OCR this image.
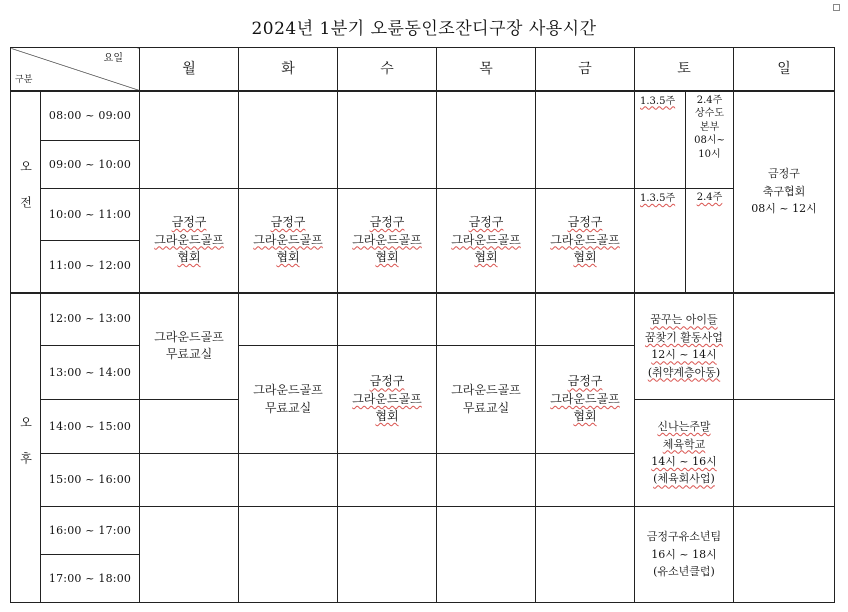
2024년 1분기 오륜동인조잔디구장 사용시간
요일
구분		월	화	수	목	금	토		일
오 전	08:00 ~ 09:00						1.3.5주	2.4주
상수도
본부
08시~
10시	금정구
축구협회
08시 ~ 12시
	09:00 ~ 10:00								
	10:00 ~ 11:00	금정구
그라운드골프
협회	금정구
그라운드골프
협회	금정구
그라운드골프
협회	금정구
그라운드골프
협회	금정구
그라운드골프
협회	1.3.5주	2.4주	
	11:00 ~ 12:00								
오 후	12:00 ~ 13:00	그라운드골프
무료교실					꿈꾸는 아이들
꿈찾기 활동사업
12시 ~ 14시
(취약계층아동)		
	13:00 ~ 14:00		그라운드골프
무료교실	금정구
그라운드골프
협회	그라운드골프
무료교실	금정구
그라운드골프
협회			
	14:00 ~ 15:00						신나는주말
체육학교
14시 ~ 16시
(체육회사업)		
	15:00 ~ 16:00								
	16:00 ~ 17:00						금정구유소년팀
16시 ~ 18시
(유소년클럽)		
	17:00 ~ 18:00								
